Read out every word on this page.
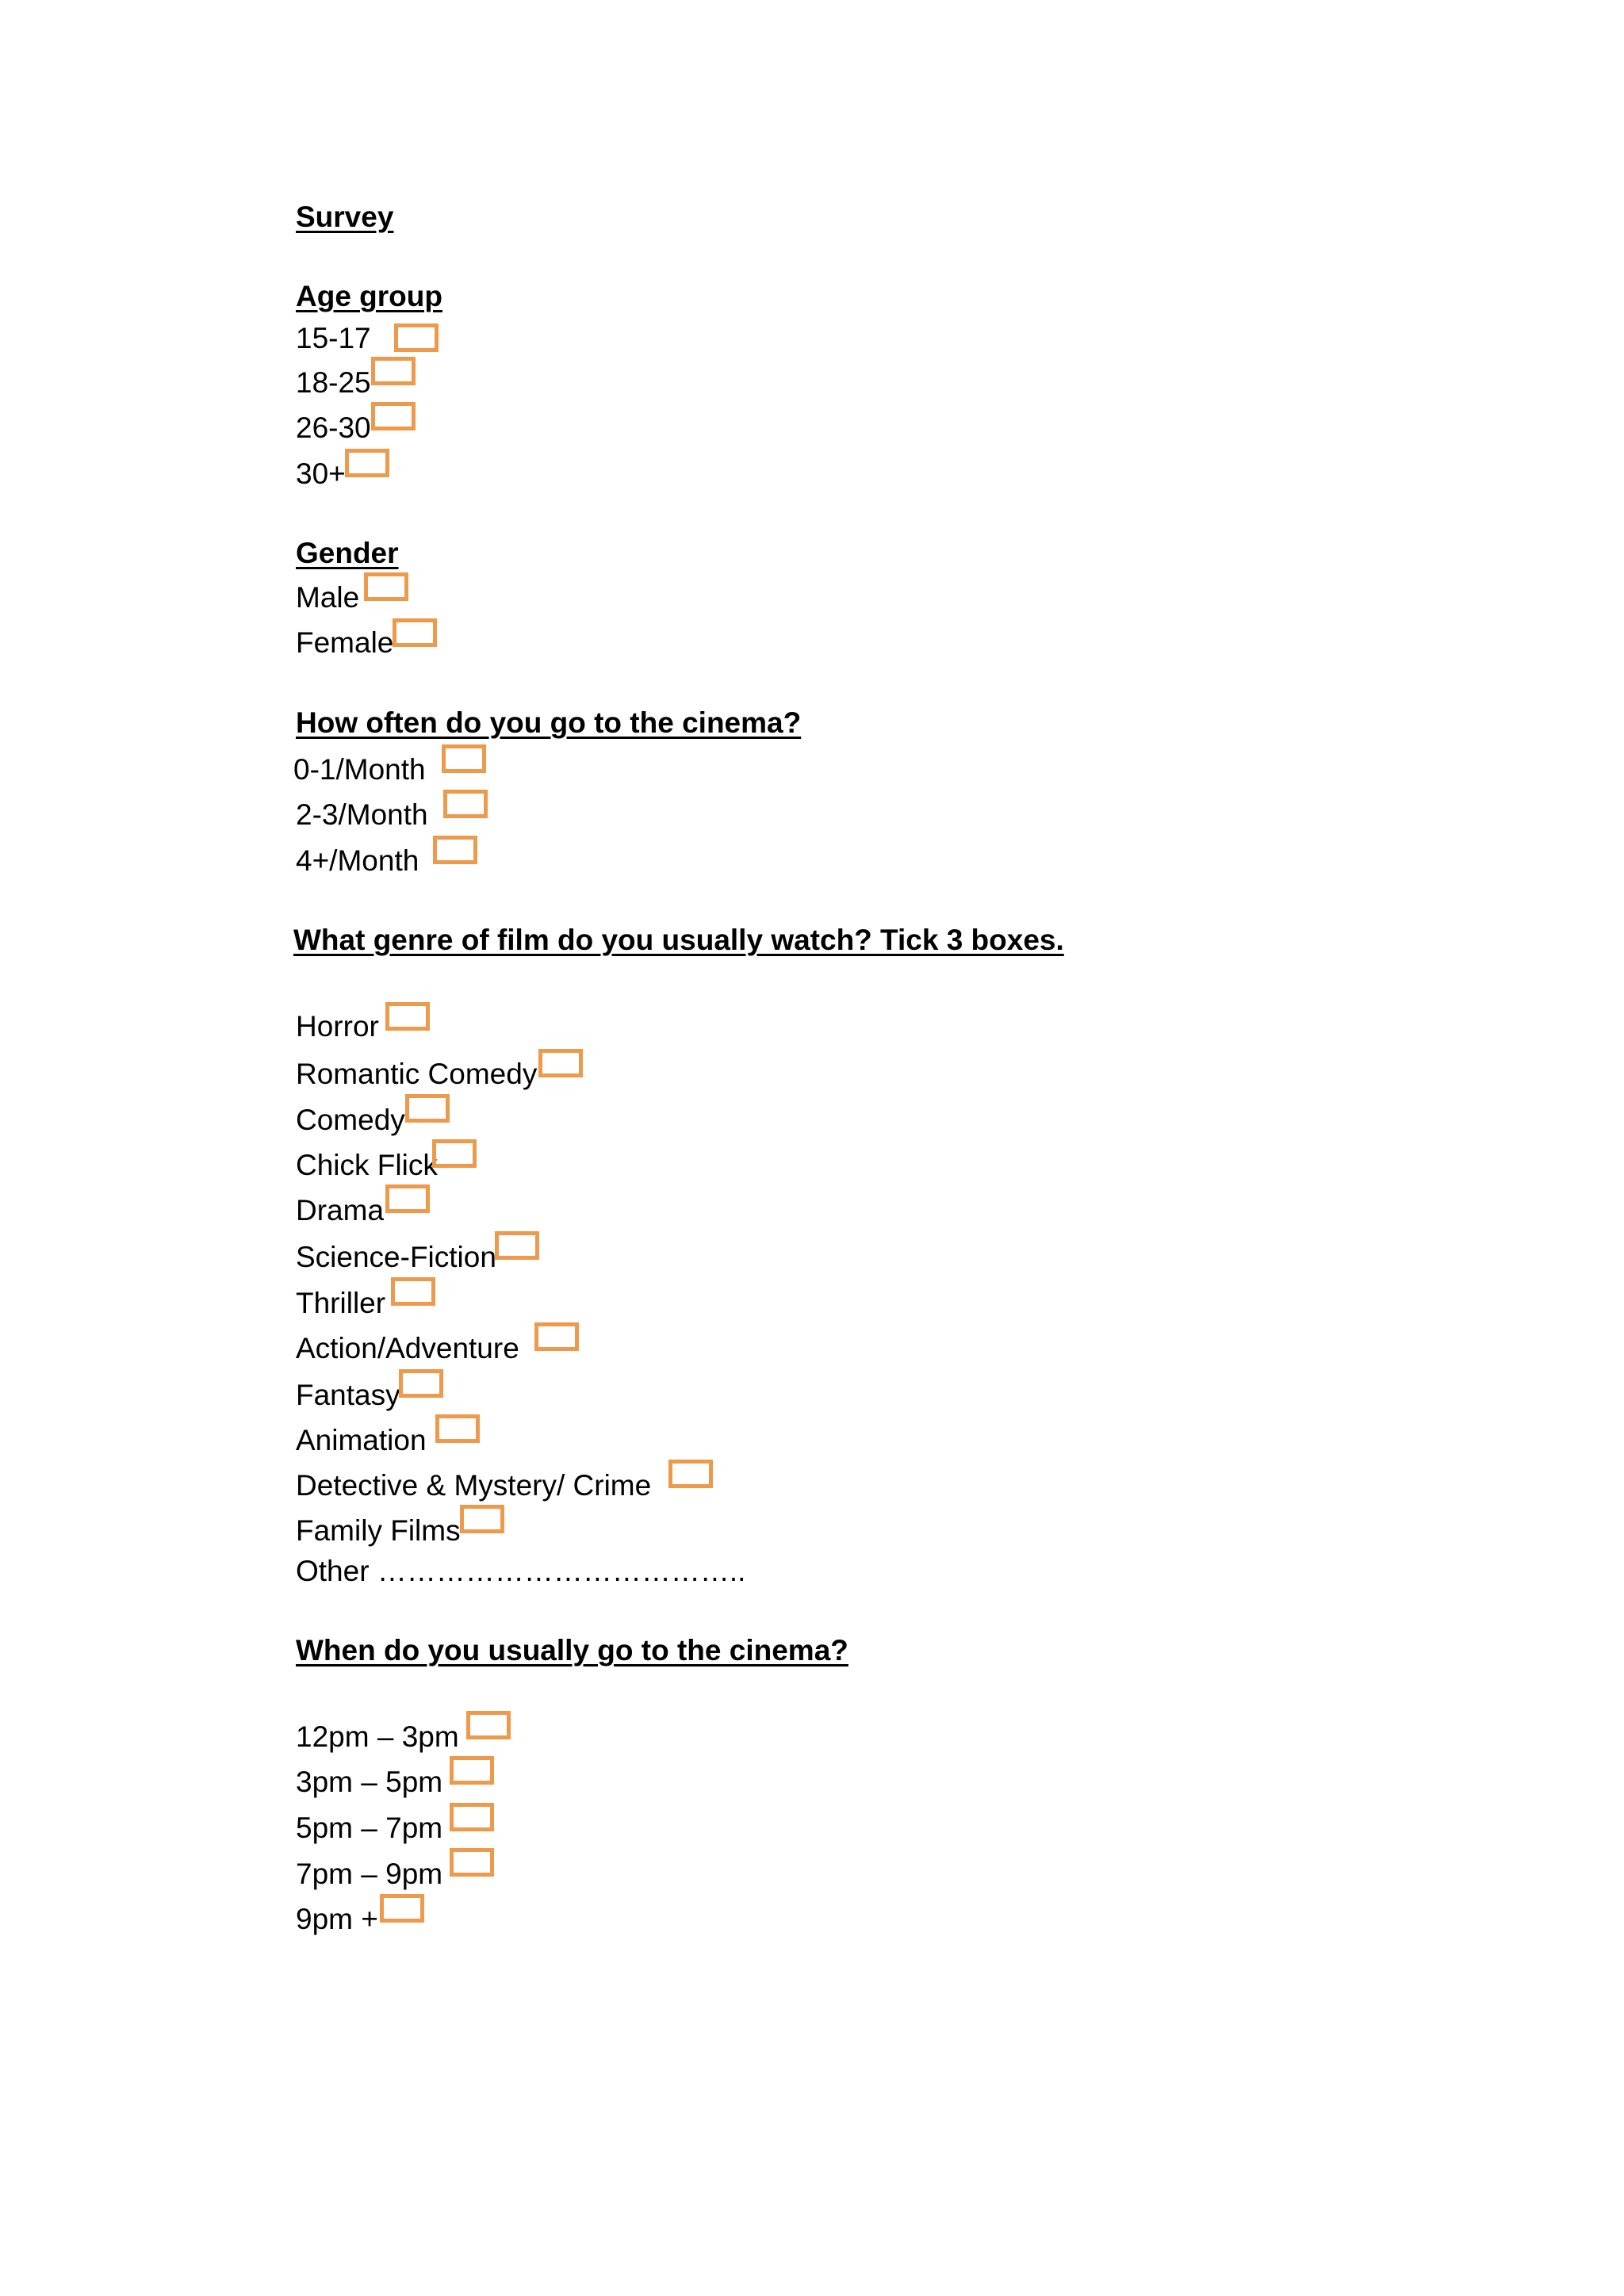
Survey
Age group
15-17
18-25
26-30
30+
Gender
Male
Female
How often do you go to the cinema?
0-1/Month
2-3/Month
4+/Month
What genre of film do you usually watch? Tick 3 boxes.
Horror
Romantic Comedy
Comedy
Chick Flick
Drama
Science-Fiction
Thriller
Action/Adventure
Fantasy
Animation
Detective & Mystery/ Crime
Family Films
Other ………………………………..
When do you usually go to the cinema?
12pm – 3pm
3pm – 5pm
5pm – 7pm
7pm – 9pm
9pm +
